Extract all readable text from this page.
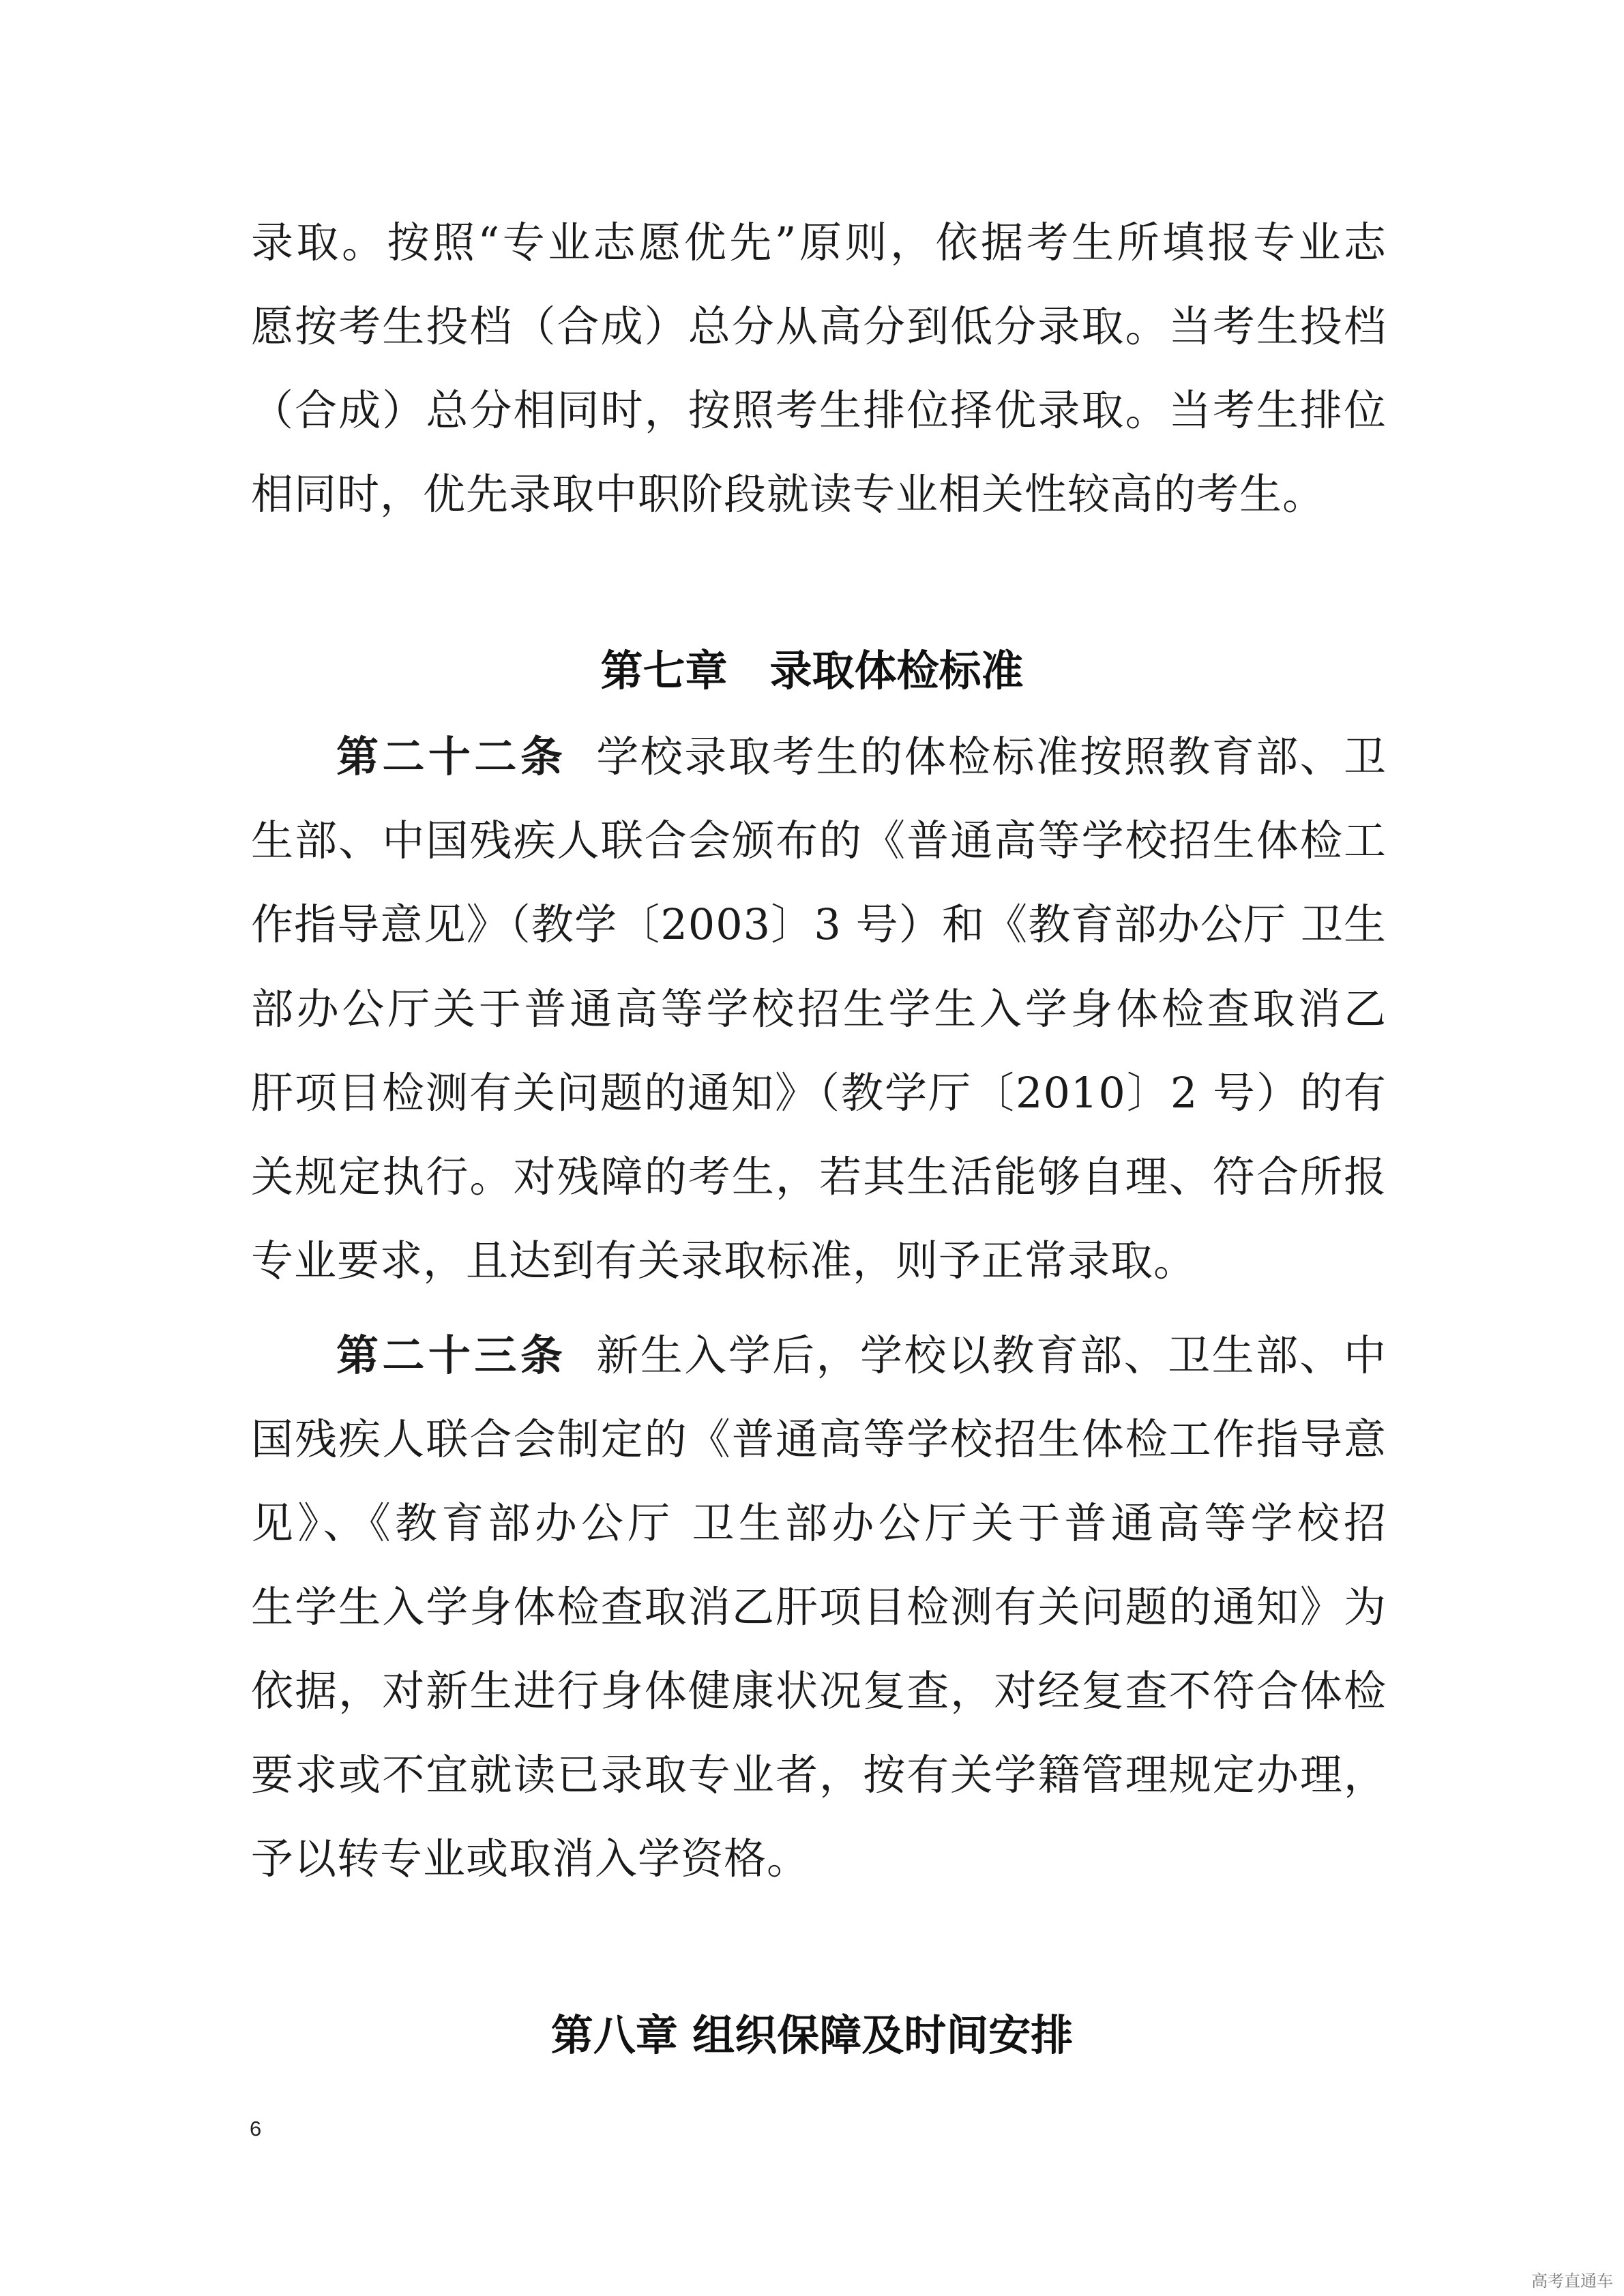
录取。按照“专业志愿优先”原则，依据考生所填报专业志
愿按考生投档（合成）总分从高分到低分录取。当考生投档
（合成）总分相同时，按照考生排位择优录取。当考生排位
相同时，优先录取中职阶段就读专业相关性较高的考生。
第七章　录取体检标准
第二十二条 学校录取考生的体检标准按照教育部、卫
生部、中国残疾人联合会颁布的《普通高等学校招生体检工
作指导意见》（教学〔2003〕3 号）和《教育部办公厅 卫生
部办公厅关于普通高等学校招生学生入学身体检查取消乙
肝项目检测有关问题的通知》（教学厅〔2010〕2 号）的有
关规定执行。对残障的考生，若其生活能够自理、符合所报
专业要求，且达到有关录取标准，则予正常录取。
第二十三条 新生入学后，学校以教育部、卫生部、中
国残疾人联合会制定的《普通高等学校招生体检工作指导意
见》、《教育部办公厅 卫生部办公厅关于普通高等学校招
生学生入学身体检查取消乙肝项目检测有关问题的通知》为
依据，对新生进行身体健康状况复查，对经复查不符合体检
要求或不宜就读已录取专业者，按有关学籍管理规定办理，
予以转专业或取消入学资格。
第八章 组织保障及时间安排
6
高考直通车
